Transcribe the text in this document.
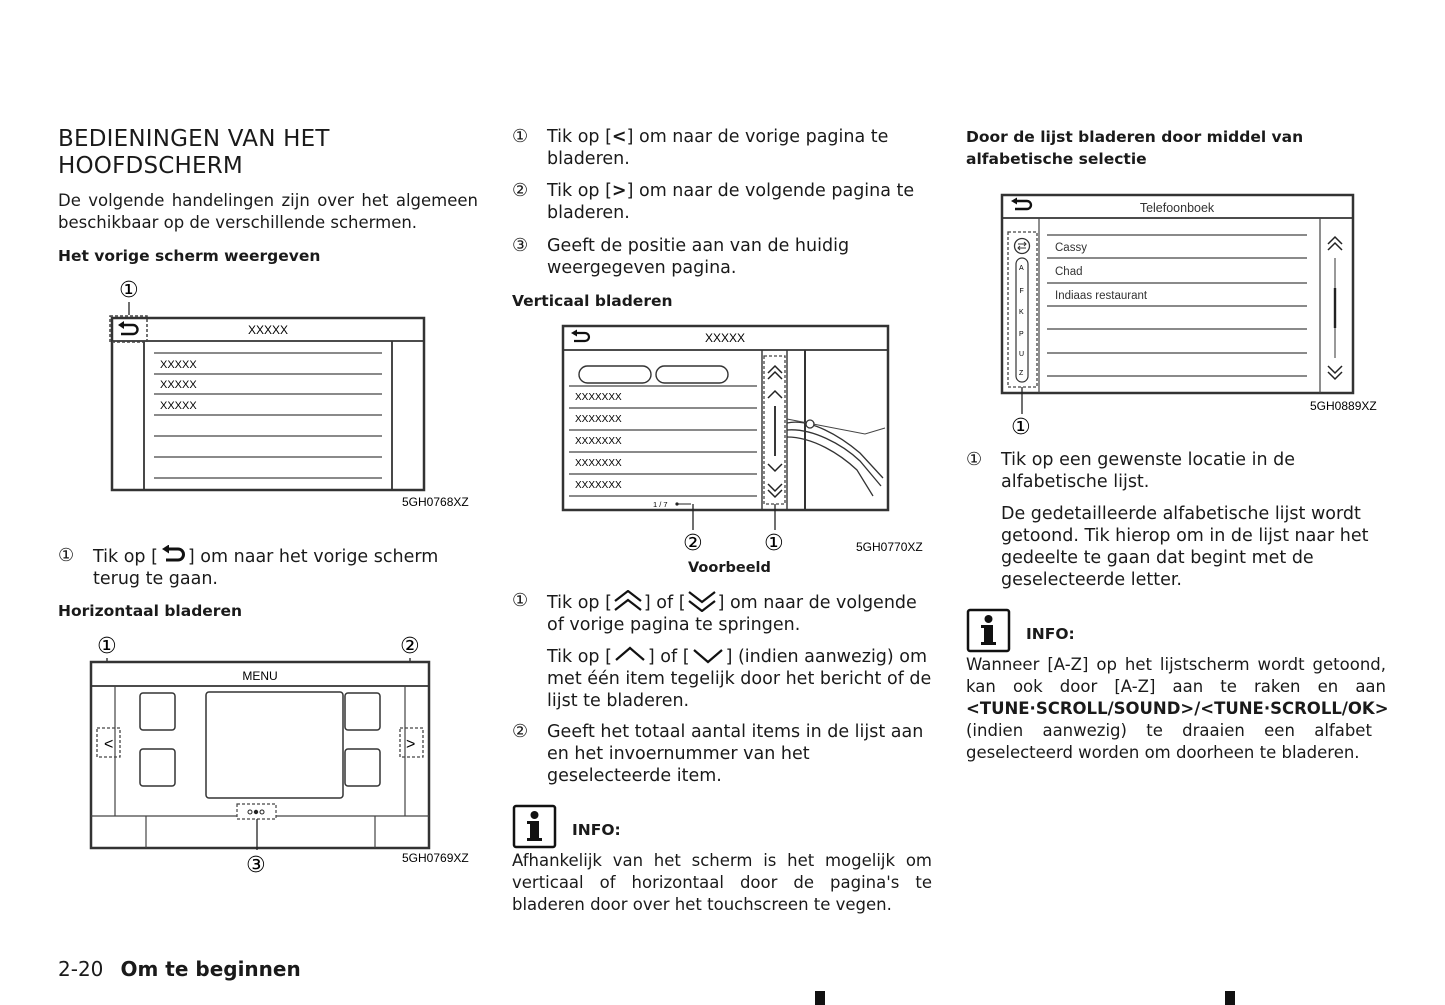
BEDIENINGEN VAN HET HOOFDSCHERM
De volgende handelingen zijn over het algemeen beschikbaar op de verschillende schermen.
Het vorige scherm weergeven
①
XXXXX
XXXXX
XXXXX
XXXXX
5GH0768XZ
① Tik op [ ] om naar het vorige scherm terug te gaan.
Horizontaal bladeren
①	②
MENU
<	>
③	5GH0769XZ
① Tik op [<] om naar de vorige pagina te bladeren.
② Tik op [>] om naar de volgende pagina te bladeren.
③ Geeft de positie aan van de huidig weergegeven pagina.
Verticaal bladeren
XXXXX
XXXXXXX
XXXXXXX
XXXXXXX
XXXXXXX
XXXXXXX
1 / 7
②	①	5GH0770XZ
Voorbeeld
① Tik op [ ] of [ ] om naar de volgende of vorige pagina te springen.
Tik op [ ] of [ ] (indien aanwezig) om met één item tegelijk door het bericht of de lijst te bladeren.
② Geeft het totaal aantal items in de lijst aan en het invoernummer van het geselecteerde item.
INFO:
Afhankelijk van het scherm is het mogelijk om verticaal of horizontaal door de pagina's te bladeren door over het touchscreen te vegen.
Door de lijst bladeren door middel van alfabetische selectie
Telefoonboek
A
F
K
P
U
Z
Cassy
Chad
Indiaas restaurant
①
5GH0889XZ
① Tik op een gewenste locatie in de alfabetische lijst.
De gedetailleerde alfabetische lijst wordt getoond. Tik hierop om in de lijst naar het gedeelte te gaan dat begint met de geselecteerde letter.
INFO:
Wanneer [A-Z] op het lijstscherm wordt getoond, kan ook door [A-Z] aan te raken en aan <TUNE·SCROLL/SOUND>/<TUNE·SCROLL/OK> (indien aanwezig) te draaien een alfabet geselecteerd worden om doorheen te bladeren.
2-20 Om te beginnen
